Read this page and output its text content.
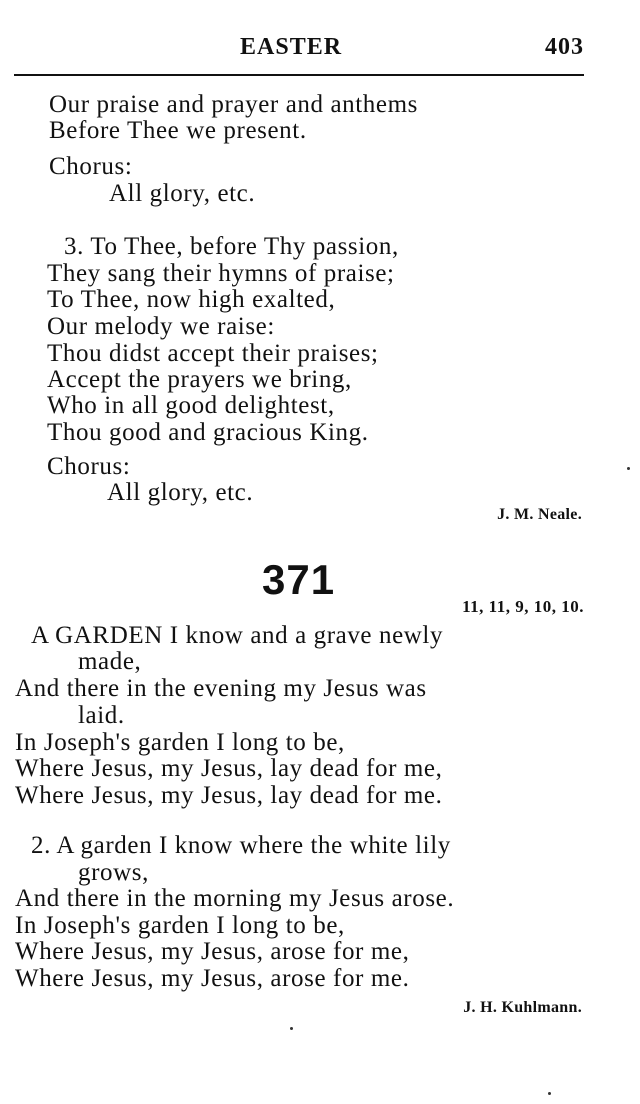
EASTER	403
Our praise and prayer and anthems
Before Thee we present.
Chorus:
All glory, etc.
3. To Thee, before Thy passion,
They sang their hymns of praise;
To Thee, now high exalted,
Our melody we raise:
Thou didst accept their praises;
Accept the prayers we bring,
Who in all good delightest,
Thou good and gracious King.
Chorus:
All glory, etc.
J. M. Neale.
371
11, 11, 9, 10, 10.
A GARDEN I know and a grave newly
made,
And there in the evening my Jesus was
laid.
In Joseph's garden I long to be,
Where Jesus, my Jesus, lay dead for me,
Where Jesus, my Jesus, lay dead for me.
2. A garden I know where the white lily
grows,
And there in the morning my Jesus arose.
In Joseph's garden I long to be,
Where Jesus, my Jesus, arose for me,
Where Jesus, my Jesus, arose for me.
J. H. Kuhlmann.
